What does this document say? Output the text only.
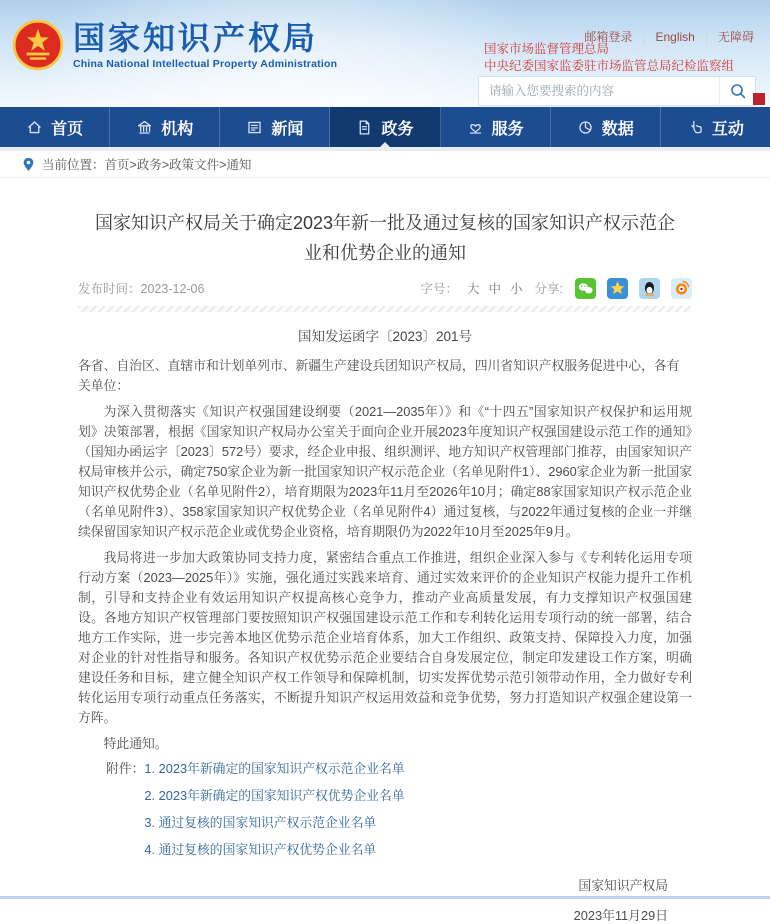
国家知识产权局
China National Intellectual Property Administration
邮箱登录 | English | 无障碍
国家市场监督管理总局
中央纪委国家监委驻市场监管总局纪检监察组
请输入您要搜索的内容
首页	机构	新闻	政务	服务	数据	互动
当前位置： 首页>政务>政策文件>通知
国家知识产权局关于确定2023年新一批及通过复核的国家知识产权示范企业和优势企业的通知
发布时间：2023-12-06	字号： 大 中 小 分享:
国知发运函字〔2023〕201号

各省、自治区、直辖市和计划单列市、新疆生产建设兵团知识产权局，四川省知识产权服务促进中心，各有关单位：

为深入贯彻落实《知识产权强国建设纲要（2021—2035年）》和《“十四五”国家知识产权保护和运用规划》决策部署，根据《国家知识产权局办公室关于面向企业开展2023年度知识产权强国建设示范工作的通知》（国知办函运字〔2023〕572号）要求，经企业申报、组织测评、地方知识产权管理部门推荐，由国家知识产权局审核并公示，确定750家企业为新一批国家知识产权示范企业（名单见附件1）、2960家企业为新一批国家知识产权优势企业（名单见附件2），培育期限为2023年11月至2026年10月；确定88家国家知识产权示范企业（名单见附件3）、358家国家知识产权优势企业（名单见附件4）通过复核，与2022年通过复核的企业一并继续保留国家知识产权示范企业或优势企业资格，培育期限仍为2022年10月至2025年9月。

我局将进一步加大政策协同支持力度，紧密结合重点工作推进，组织企业深入参与《专利转化运用专项行动方案（2023—2025年）》实施，强化通过实践来培育、通过实效来评价的企业知识产权能力提升工作机制，引导和支持企业有效运用知识产权提高核心竞争力，推动产业高质量发展，有力支撑知识产权强国建设。各地方知识产权管理部门要按照知识产权强国建设示范工作和专利转化运用专项行动的统一部署，结合地方工作实际，进一步完善本地区优势示范企业培育体系，加大工作组织、政策支持、保障投入力度，加强对企业的针对性指导和服务。各知识产权优势示范企业要结合自身发展定位，制定印发建设工作方案，明确建设任务和目标，建立健全知识产权工作领导和保障机制，切实发挥优势示范引领带动作用，全力做好专利转化运用专项行动重点任务落实，不断提升知识产权运用效益和竞争优势，努力打造知识产权强企建设第一方阵。

特此通知。

附件： 1. 2023年新确定的国家知识产权示范企业名单
2. 2023年新确定的国家知识产权优势企业名单
3. 通过复核的国家知识产权示范企业名单
4. 通过复核的国家知识产权优势企业名单
国家知识产权局
2023年11月29日
